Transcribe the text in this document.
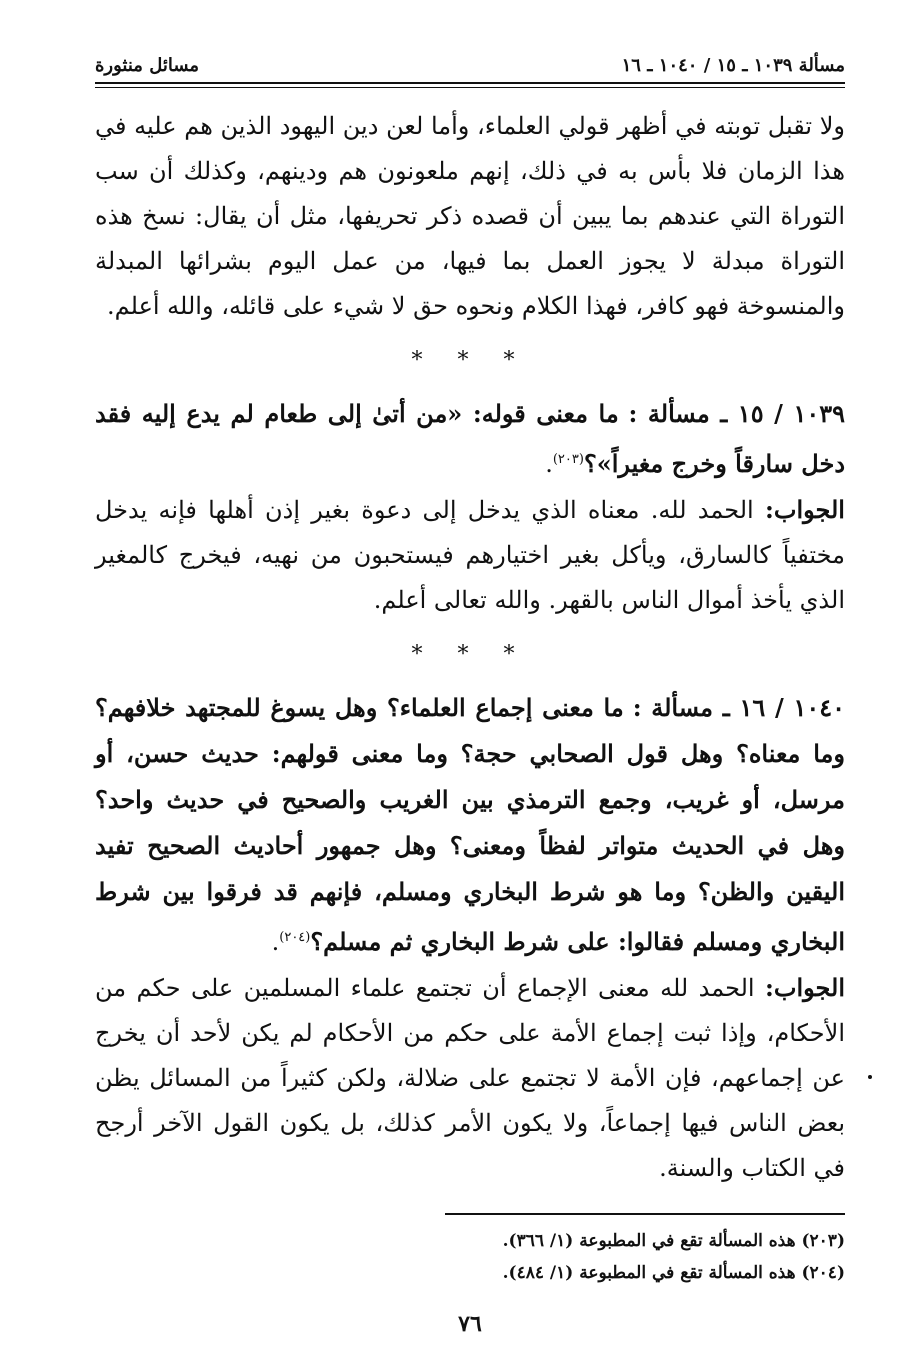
مسألة ١٠٣٩ ـ ١٥ / ١٠٤٠ ـ ١٦
مسائل منثورة

ولا تقبل توبته في أظهر قولي العلماء، وأما لعن دين اليهود الذين هم عليه في هذا الزمان فلا بأس به في ذلك، إنهم ملعونون هم ودينهم، وكذلك أن سب التوراة التي عندهم بما يبين أن قصده ذكر تحريفها، مثل أن يقال: نسخ هذه التوراة مبدلة لا يجوز العمل بما فيها، من عمل اليوم بشرائها المبدلة والمنسوخة فهو كافر، فهذا الكلام ونحوه حق لا شيء على قائله، والله أعلم.

* * *

١٠٣٩ / ١٥ ـ مسألة : ما معنى قوله: «من أتىٰ إلى طعام لم يدع إليه فقد دخل سارقاً وخرج مغيراً»؟$^{(٢٠٣)}$.

الجواب: الحمد لله. معناه الذي يدخل إلى دعوة بغير إذن أهلها فإنه يدخل مختفياً كالسارق، ويأكل بغير اختيارهم فيستحبون من نهيه، فيخرج كالمغير الذي يأخذ أموال الناس بالقهر. والله تعالى أعلم.

* * *

١٠٤٠ / ١٦ ـ مسألة : ما معنى إجماع العلماء؟ وهل يسوغ للمجتهد خلافهم؟ وما معناه؟ وهل قول الصحابي حجة؟ وما معنى قولهم: حديث حسن، أو مرسل، أو غريب، وجمع الترمذي بين الغريب والصحيح في حديث واحد؟ وهل في الحديث متواتر لفظاً ومعنى؟ وهل جمهور أحاديث الصحيح تفيد اليقين والظن؟ وما هو شرط البخاري ومسلم، فإنهم قد فرقوا بين شرط البخاري ومسلم فقالوا: على شرط البخاري ثم مسلم؟$^{(٢٠٤)}$.

الجواب: الحمد لله معنى الإجماع أن تجتمع علماء المسلمين على حكم من الأحكام، وإذا ثبت إجماع الأمة على حكم من الأحكام لم يكن لأحد أن يخرج عن إجماعهم، فإن الأمة لا تجتمع على ضلالة، ولكن كثيراً من المسائل يظن بعض الناس فيها إجماعاً، ولا يكون الأمر كذلك، بل يكون القول الآخر أرجح في الكتاب والسنة.

(٢٠٣) هذه المسألة تقع في المطبوعة (١/ ٣٦٦).
(٢٠٤) هذه المسألة تقع في المطبوعة (١/ ٤٨٤).
٧٦
